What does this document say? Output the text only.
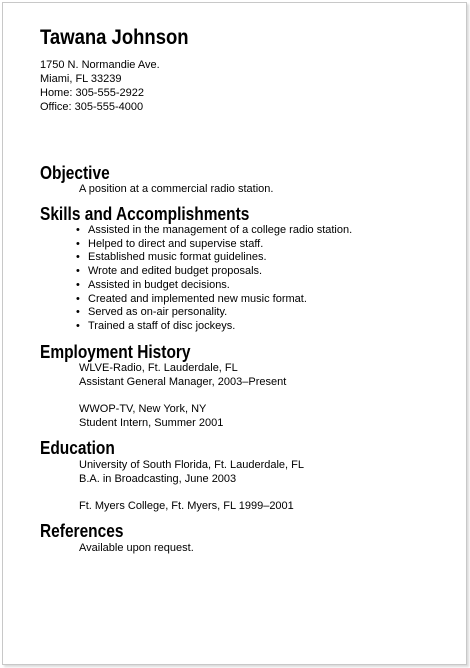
Tawana Johnson
1750 N. Normandie Ave.
Miami, FL 33239
Home: 305-555-2922
Office: 305-555-4000
Objective
A position at a commercial radio station.
Skills and Accomplishments
• Assisted in the management of a college radio station.
• Helped to direct and supervise staff.
• Established music format guidelines.
• Wrote and edited budget proposals.
• Assisted in budget decisions.
• Created and implemented new music format.
• Served as on-air personality.
• Trained a staff of disc jockeys.
Employment History
WLVE-Radio, Ft. Lauderdale, FL
Assistant General Manager, 2003–Present
WWOP-TV, New York, NY
Student Intern, Summer 2001
Education
University of South Florida, Ft. Lauderdale, FL
B.A. in Broadcasting, June 2003
Ft. Myers College, Ft. Myers, FL 1999–2001
References
Available upon request.
